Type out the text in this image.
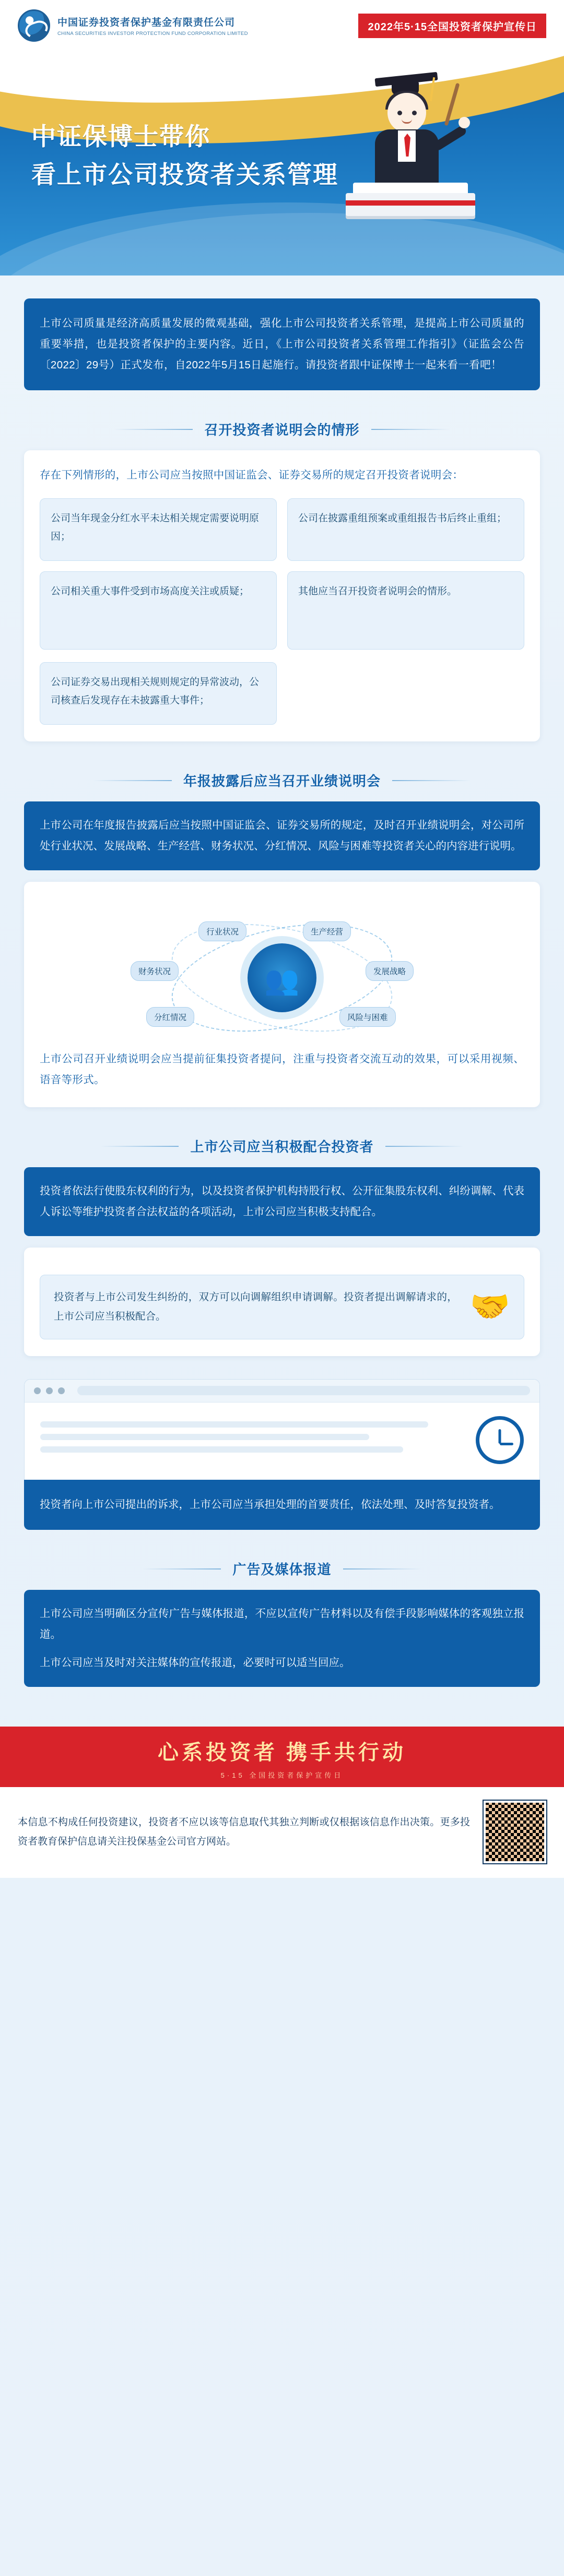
中国证券投资者保护基金有限责任公司
CHINA SECURITIES INVESTOR PROTECTION FUND CORPORATION LIMITED
2022年5·15全国投资者保护宣传日
中证保博士带你
看上市公司投资者关系管理
上市公司质量是经济高质量发展的微观基础，强化上市公司投资者关系管理，是提高上市公司质量的重要举措，也是投资者保护的主要内容。近日，《上市公司投资者关系管理工作指引》（证监会公告〔2022〕29号）正式发布，自2022年5月15日起施行。请投资者跟中证保博士一起来看一看吧！
召开投资者说明会的情形
存在下列情形的，上市公司应当按照中国证监会、证券交易所的规定召开投资者说明会：
公司当年现金分红水平未达相关规定需要说明原因；
公司在披露重组预案或重组报告书后终止重组；
公司相关重大事件受到市场高度关注或质疑；	其他应当召开投资者说明会的情形。
公司证券交易出现相关规则规定的异常波动，公司核查后发现存在未披露重大事件；
年报披露后应当召开业绩说明会
上市公司在年度报告披露后应当按照中国证监会、证券交易所的规定，及时召开业绩说明会，对公司所处行业状况、发展战略、生产经营、财务状况、分红情况、风险与困难等投资者关心的内容进行说明。
👥
行业状况	生产经营
财务状况	发展战略
分红情况	风险与困难
上市公司召开业绩说明会应当提前征集投资者提问，注重与投资者交流互动的效果，可以采用视频、语音等形式。
上市公司应当积极配合投资者
投资者依法行使股东权利的行为，以及投资者保护机构持股行权、公开征集股东权利、纠纷调解、代表人诉讼等维护投资者合法权益的各项活动，上市公司应当积极支持配合。
投资者与上市公司发生纠纷的，双方可以向调解组织申请调解。投资者提出调解请求的，上市公司应当积极配合。	🤝
投资者向上市公司提出的诉求，上市公司应当承担处理的首要责任，依法处理、及时答复投资者。
广告及媒体报道
上市公司应当明确区分宣传广告与媒体报道，不应以宣传广告材料以及有偿手段影响媒体的客观独立报道。
上市公司应当及时对关注媒体的宣传报道，必要时可以适当回应。
心系投资者 携手共行动
5·15 全国投资者保护宣传日
本信息不构成任何投资建议，投资者不应以该等信息取代其独立判断或仅根据该信息作出决策。更多投资者教育保护信息请关注投保基金公司官方网站。
